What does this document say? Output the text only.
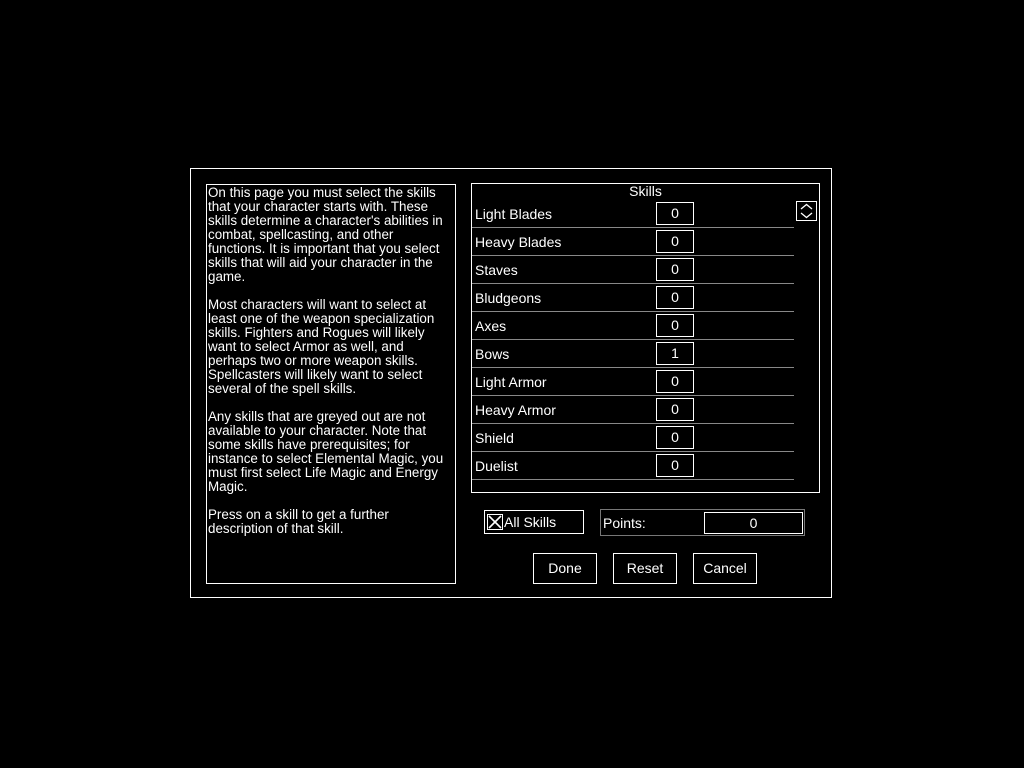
On this page you must select the skills that your character starts with. These skills determine a character's abilities in combat, spellcasting, and other functions. It is important that you select skills that will aid your character in the game.

Most characters will want to select at least one of the weapon specialization skills. Fighters and Rogues will likely want to select Armor as well, and perhaps two or more weapon skills. Spellcasters will likely want to select several of the spell skills.

Any skills that are greyed out are not available to your character. Note that some skills have prerequisites; for instance to select Elemental Magic, you must first select Life Magic and Energy Magic.

Press on a skill to get a further description of that skill.

Skills
Light Blades	0
Heavy Blades	0
Staves	0
Bludgeons	0
Axes	0
Bows	1
Light Armor	0
Heavy Armor	0
Shield	0
Duelist	0
All Skills	Points:	0
Done	Reset	Cancel
